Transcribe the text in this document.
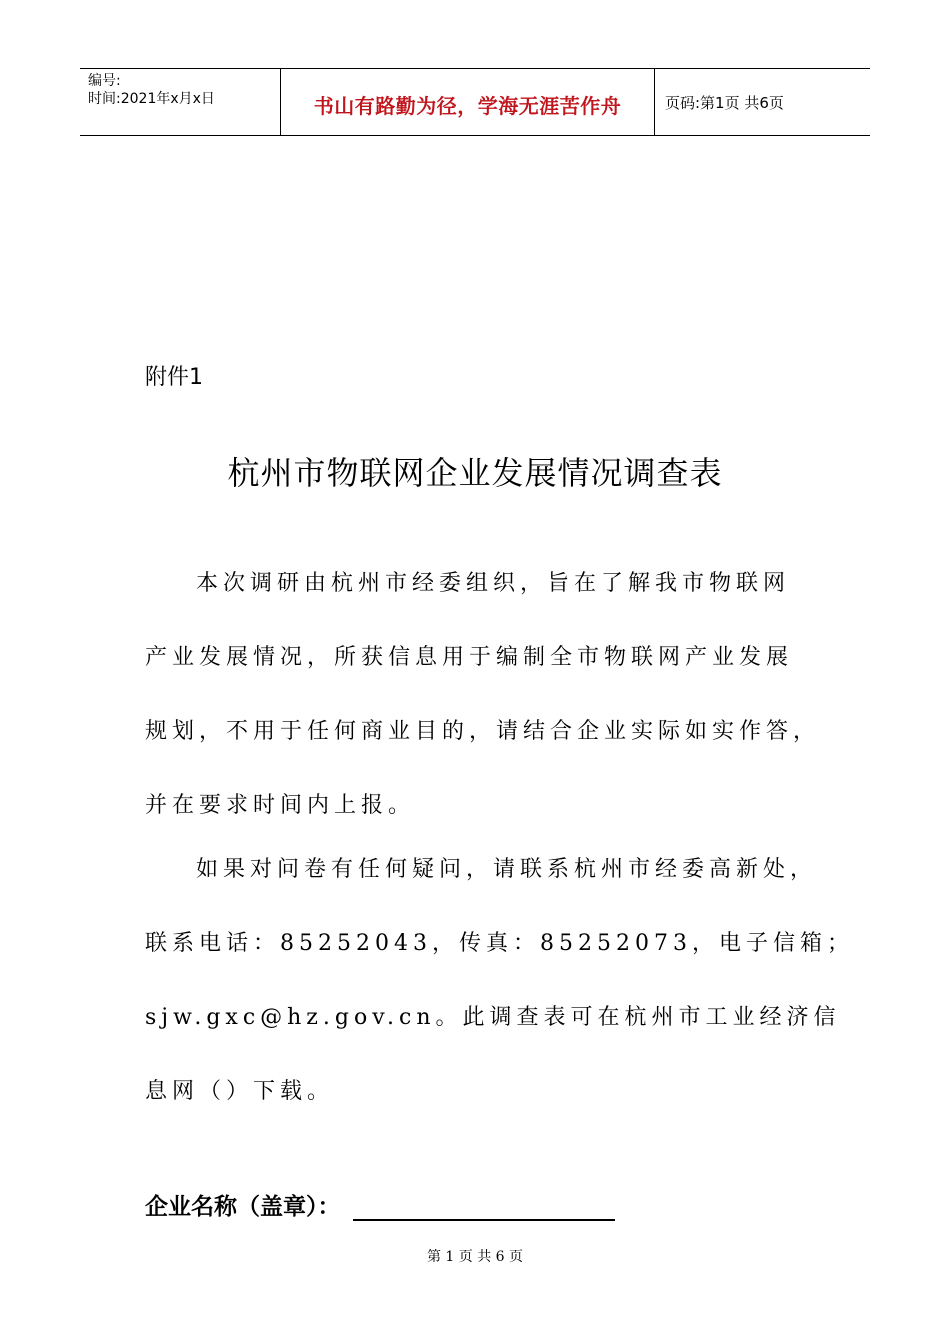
编号:
时间:2021年x月x日	书山有路勤为径，学海无涯苦作舟	页码:第1页 共6页
附件1
杭州市物联网企业发展情况调查表
本次调研由杭州市经委组织，旨在了解我市物联网
产业发展情况，所获信息用于编制全市物联网产业发展
规划，不用于任何商业目的，请结合企业实际如实作答，
并在要求时间内上报。
如果对问卷有任何疑问，请联系杭州市经委高新处，
联系电话：85252043，传真：85252073，电子信箱；
sjw.gxc@hz.gov.cn。此调查表可在杭州市工业经济信
息网（）下载。
企业名称（盖章）：
第 1 页 共 6 页
